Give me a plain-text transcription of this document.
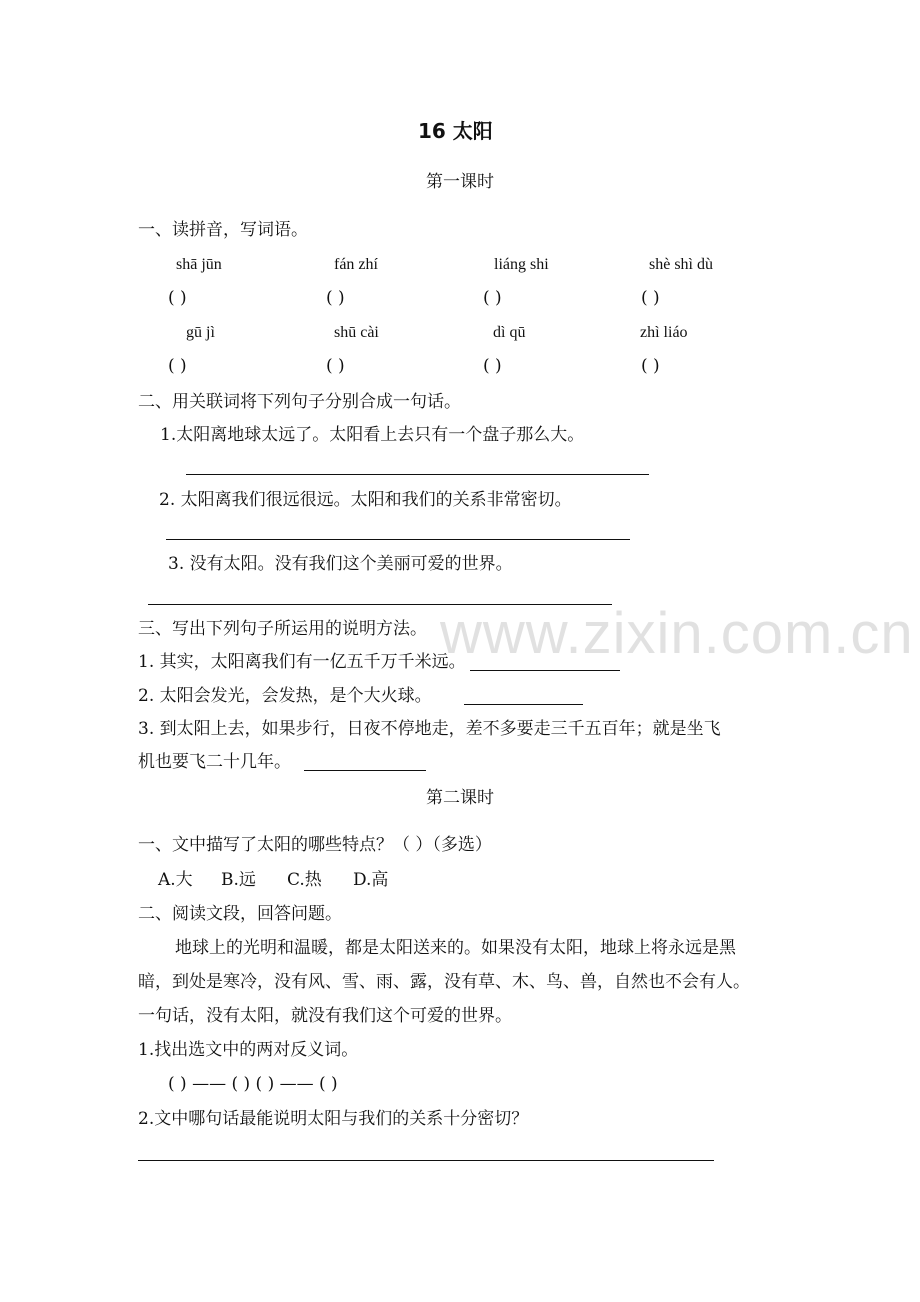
16 太阳
第一课时
一、读拼音，写词语。
shā jūn	fán zhí	liáng shi	shè shì dù
( )	( )	( )	( )
gū jì	shū cài	dì qū	zhì liáo
( )	( )	( )	( )
二、用关联词将下列句子分别合成一句话。
1.太阳离地球太远了。太阳看上去只有一个盘子那么大。
2. 太阳离我们很远很远。太阳和我们的关系非常密切。
3. 没有太阳。没有我们这个美丽可爱的世界。
三、写出下列句子所运用的说明方法。
1. 其实，太阳离我们有一亿五千万千米远。
2. 太阳会发光，会发热，是个大火球。
3. 到太阳上去，如果步行，日夜不停地走，差不多要走三千五百年；就是坐飞
机也要飞二十几年。
第二课时
一、文中描写了太阳的哪些特点？（ ）（多选）
A.大 B.远 C.热 D.高
二、阅读文段，回答问题。
地球上的光明和温暖，都是太阳送来的。如果没有太阳，地球上将永远是黑
暗，到处是寒冷，没有风、雪、雨、露，没有草、木、鸟、兽，自然也不会有人。
一句话，没有太阳，就没有我们这个可爱的世界。
1.找出选文中的两对反义词。
( ) —— ( ) ( ) —— ( )
2.文中哪句话最能说明太阳与我们的关系十分密切？
www.zixin.com.cn
